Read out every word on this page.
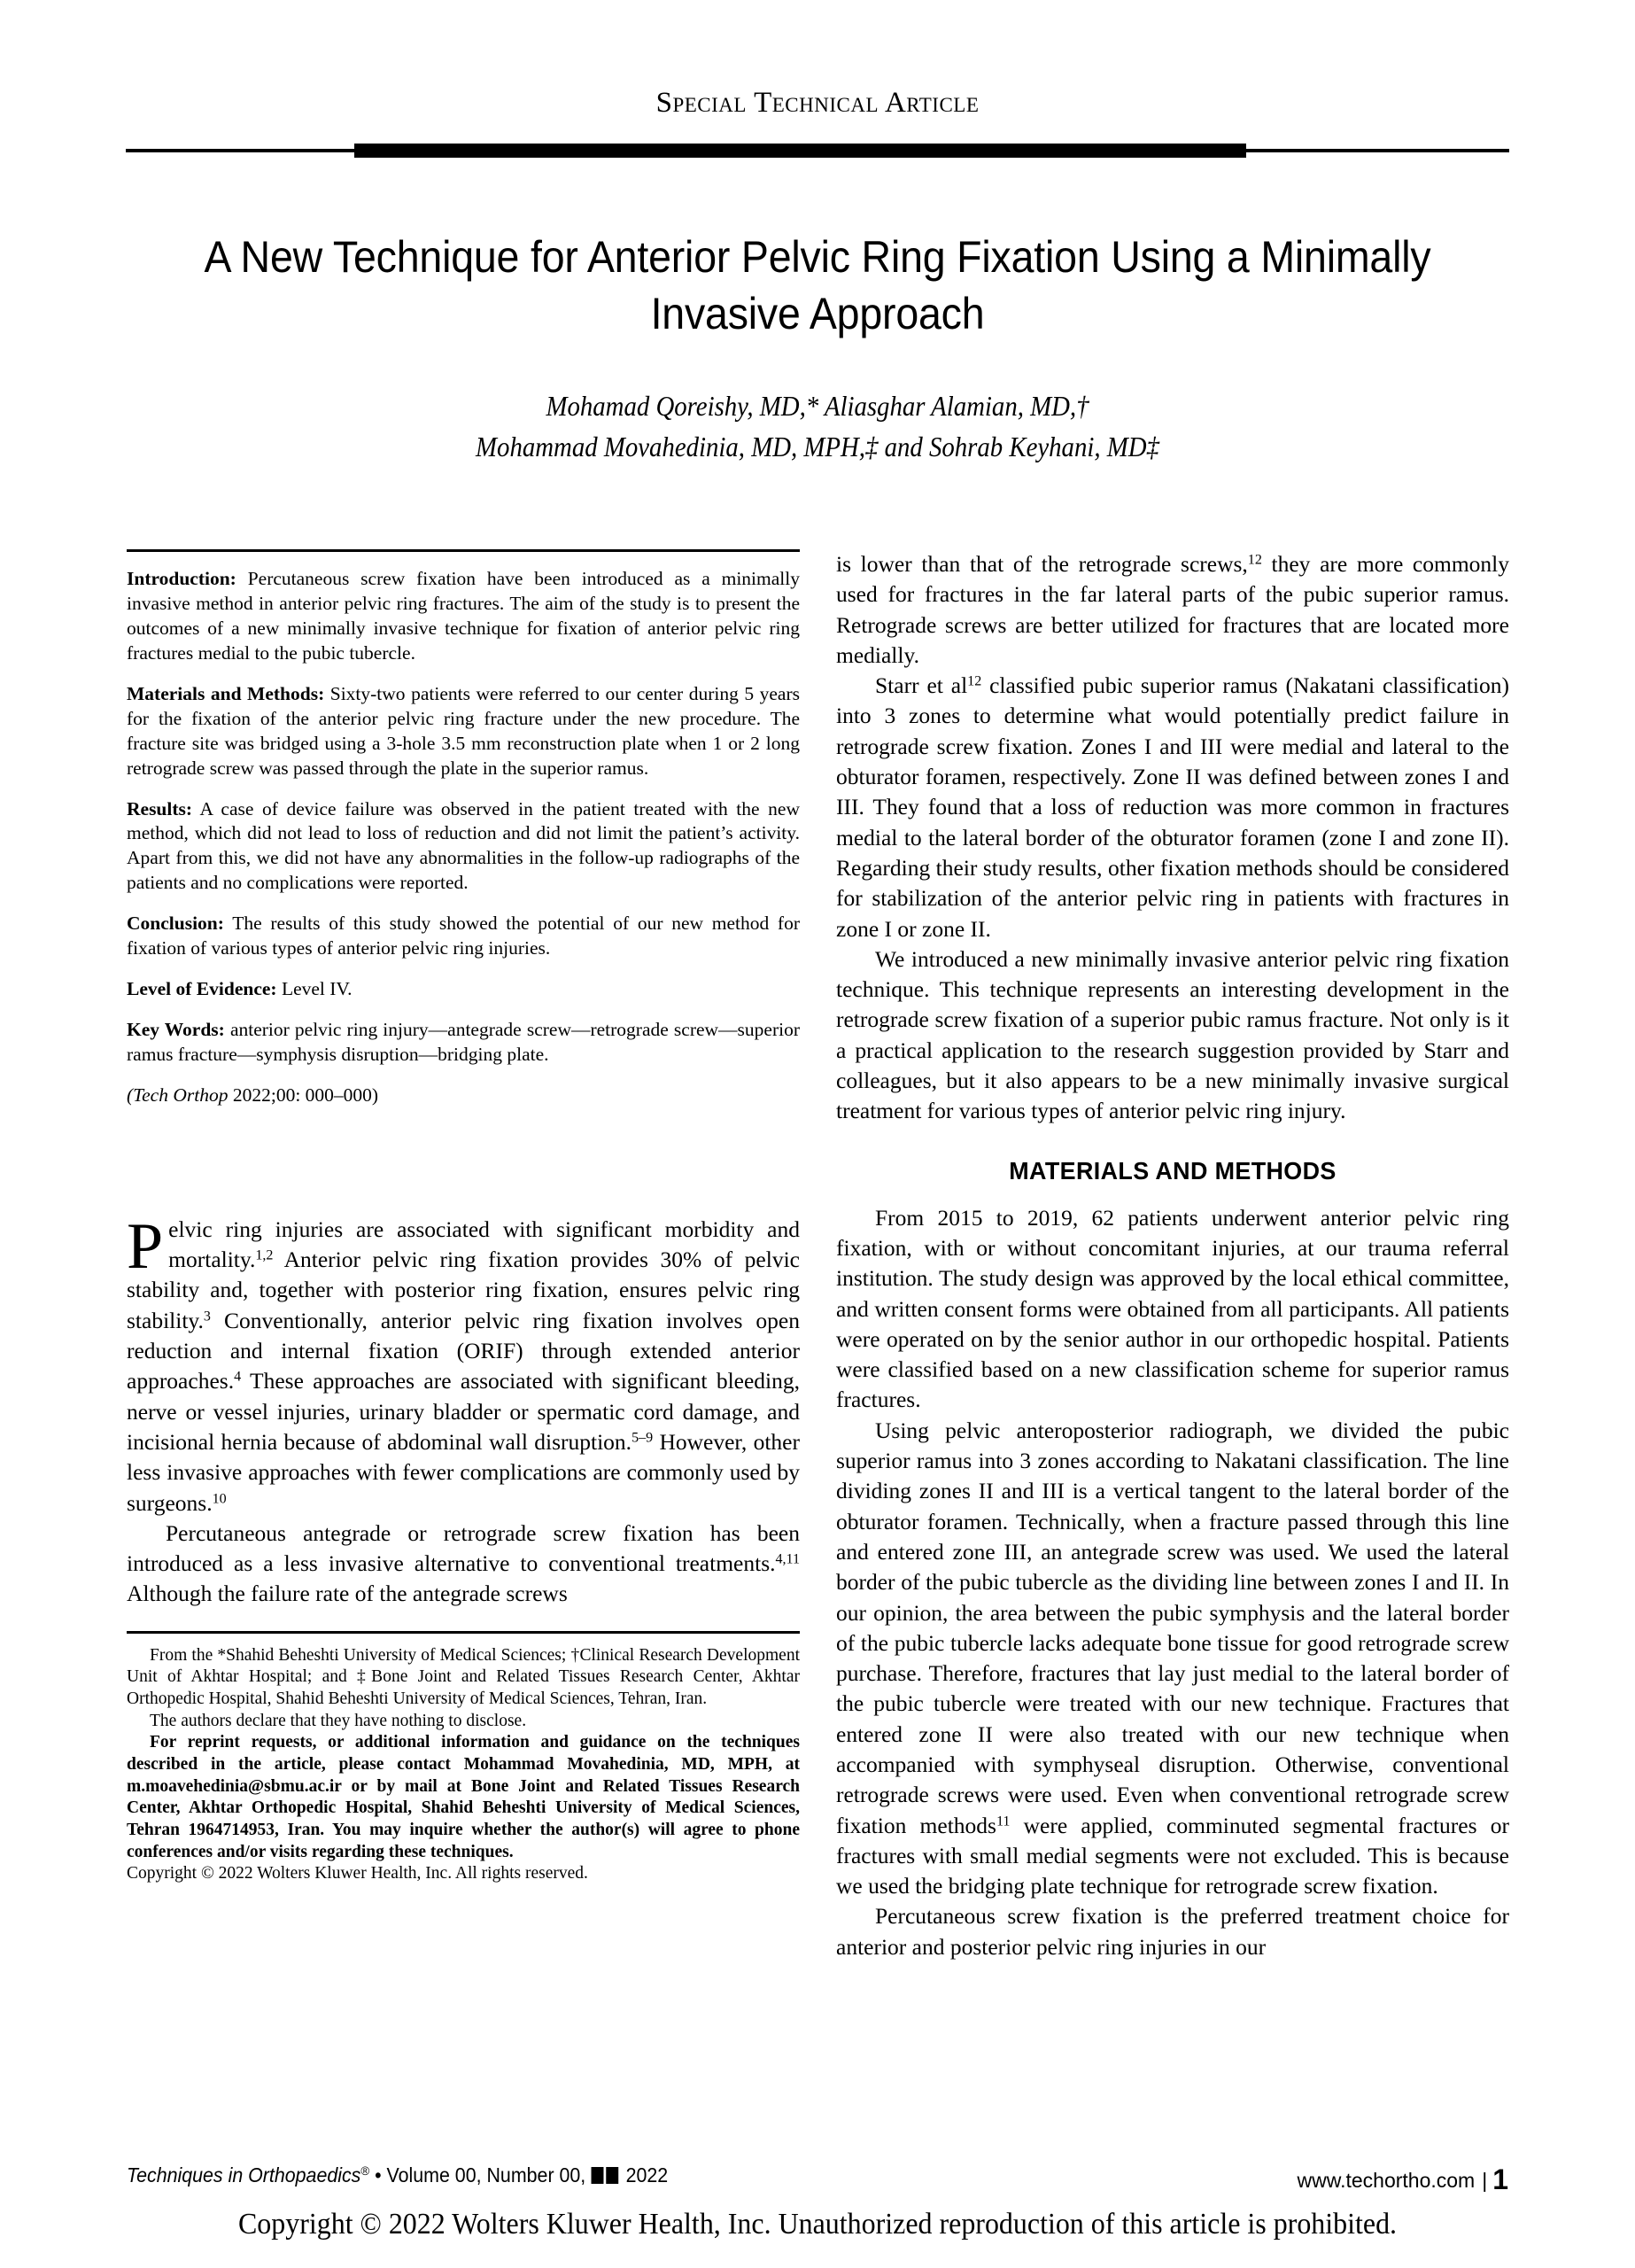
Special Technical Article
A New Technique for Anterior Pelvic Ring Fixation Using a Minimally Invasive Approach
Mohamad Qoreishy, MD,* Aliasghar Alamian, MD,†
Mohammad Movahedinia, MD, MPH,‡ and Sohrab Keyhani, MD‡

Introduction: Percutaneous screw fixation have been introduced as a minimally invasive method in anterior pelvic ring fractures. The aim of the study is to present the outcomes of a new minimally invasive technique for fixation of anterior pelvic ring fractures medial to the pubic tubercle.

Materials and Methods: Sixty-two patients were referred to our center during 5 years for the fixation of the anterior pelvic ring fracture under the new procedure. The fracture site was bridged using a 3-hole 3.5 mm reconstruction plate when 1 or 2 long retrograde screw was passed through the plate in the superior ramus.

Results: A case of device failure was observed in the patient treated with the new method, which did not lead to loss of reduction and did not limit the patient’s activity. Apart from this, we did not have any abnormalities in the follow-up radiographs of the patients and no complications were reported.

Conclusion: The results of this study showed the potential of our new method for fixation of various types of anterior pelvic ring injuries.

Level of Evidence: Level IV.

Key Words: anterior pelvic ring injury—antegrade screw—retrograde screw—superior ramus fracture—symphysis disruption—bridging plate.

(Tech Orthop 2022;00: 000–000)

Pelvic ring injuries are associated with significant morbidity and mortality.$^{1,2}$ Anterior pelvic ring fixation provides 30% of pelvic stability and, together with posterior ring fixation, ensures pelvic ring stability.$^3$ Conventionally, anterior pelvic ring fixation involves open reduction and internal fixation (ORIF) through extended anterior approaches.$^4$ These approaches are associated with significant bleeding, nerve or vessel injuries, urinary bladder or spermatic cord damage, and incisional hernia because of abdominal wall disruption.$^{5-9}$ However, other less invasive approaches with fewer complications are commonly used by surgeons.$^{10}$

Percutaneous antegrade or retrograde screw fixation has been introduced as a less invasive alternative to conventional treatments.$^{4,11}$ Although the failure rate of the antegrade screws

From the *Shahid Beheshti University of Medical Sciences; †Clinical Research Development Unit of Akhtar Hospital; and ‡Bone Joint and Related Tissues Research Center, Akhtar Orthopedic Hospital, Shahid Beheshti University of Medical Sciences, Tehran, Iran.

The authors declare that they have nothing to disclose.

For reprint requests, or additional information and guidance on the techniques described in the article, please contact Mohammad Movahedinia, MD, MPH, at m.moavehedinia@sbmu.ac.ir or by mail at Bone Joint and Related Tissues Research Center, Akhtar Orthopedic Hospital, Shahid Beheshti University of Medical Sciences, Tehran 1964714953, Iran. You may inquire whether the author(s) will agree to phone conferences and/or visits regarding these techniques.

Copyright © 2022 Wolters Kluwer Health, Inc. All rights reserved.

is lower than that of the retrograde screws,$^{12}$ they are more commonly used for fractures in the far lateral parts of the pubic superior ramus. Retrograde screws are better utilized for fractures that are located more medially.

Starr et $al^{12}$ classified pubic superior ramus (Nakatani classification) into 3 zones to determine what would potentially predict failure in retrograde screw fixation. Zones I and III were medial and lateral to the obturator foramen, respectively. Zone II was defined between zones I and III. They found that a loss of reduction was more common in fractures medial to the lateral border of the obturator foramen (zone I and zone II). Regarding their study results, other fixation methods should be considered for stabilization of the anterior pelvic ring in patients with fractures in zone I or zone II.

We introduced a new minimally invasive anterior pelvic ring fixation technique. This technique represents an interesting development in the retrograde screw fixation of a superior pubic ramus fracture. Not only is it a practical application to the research suggestion provided by Starr and colleagues, but it also appears to be a new minimally invasive surgical treatment for various types of anterior pelvic ring injury.

MATERIALS AND METHODS

From 2015 to 2019, 62 patients underwent anterior pelvic ring fixation, with or without concomitant injuries, at our trauma referral institution. The study design was approved by the local ethical committee, and written consent forms were obtained from all participants. All patients were operated on by the senior author in our orthopedic hospital. Patients were classified based on a new classification scheme for superior ramus fractures.

Using pelvic anteroposterior radiograph, we divided the pubic superior ramus into 3 zones according to Nakatani classification. The line dividing zones II and III is a vertical tangent to the lateral border of the obturator foramen. Technically, when a fracture passed through this line and entered zone III, an antegrade screw was used. We used the lateral border of the pubic tubercle as the dividing line between zones I and II. In our opinion, the area between the pubic symphysis and the lateral border of the pubic tubercle lacks adequate bone tissue for good retrograde screw purchase. Therefore, fractures that lay just medial to the lateral border of the pubic tubercle were treated with our new technique. Fractures that entered zone II were also treated with our new technique when accompanied with symphyseal disruption. Otherwise, conventional retrograde screws were used. Even when conventional retrograde screw fixation methods$^{11}$ were applied, comminuted segmental fractures or fractures with small medial segments were not excluded. This is because we used the bridging plate technique for retrograde screw fixation.

Percutaneous screw fixation is the preferred treatment choice for anterior and posterior pelvic ring injuries in our

Techniques in Orthopaedics® • Volume 00, Number 00,  2022	www.techortho.com | 1
Copyright © 2022 Wolters Kluwer Health, Inc. Unauthorized reproduction of this article is prohibited.
